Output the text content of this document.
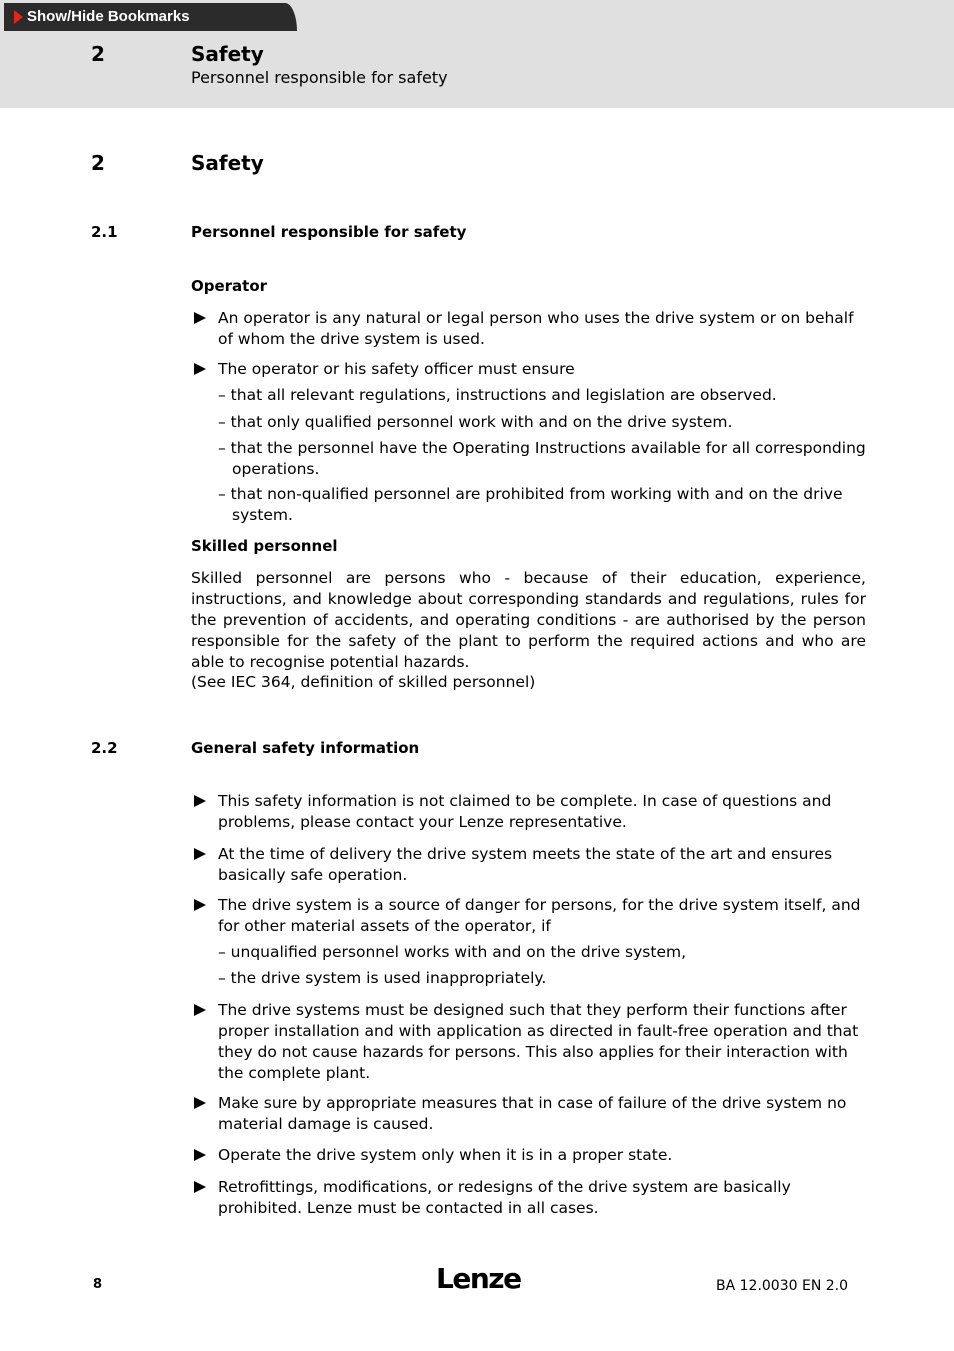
Show/Hide Bookmarks
2	Safety
Personnel responsible for safety
2	Safety
2.1	Personnel responsible for safety
Operator
An operator is any natural or legal person who uses the drive system or on behalf of whom the drive system is used.
The operator or his safety officer must ensure
– that all relevant regulations, instructions and legislation are observed.
– that only qualified personnel work with and on the drive system.
– that the personnel have the Operating Instructions available for all corresponding operations.
– that non-qualified personnel are prohibited from working with and on the drive system.
Skilled personnel
Skilled personnel are persons who - because of their education, experience, instructions, and knowledge about corresponding standards and regulations, rules for the prevention of accidents, and operating conditions - are authorised by the person responsible for the safety of the plant to perform the required actions and who are able to recognise potential hazards.
(See IEC 364, definition of skilled personnel)
2.2	General safety information
This safety information is not claimed to be complete. In case of questions and problems, please contact your Lenze representative.
At the time of delivery the drive system meets the state of the art and ensures basically safe operation.
The drive system is a source of danger for persons, for the drive system itself, and for other material assets of the operator, if
– unqualified personnel works with and on the drive system,
– the drive system is used inappropriately.
The drive systems must be designed such that they perform their functions after proper installation and with application as directed in fault-free operation and that they do not cause hazards for persons. This also applies for their interaction with the complete plant.
Make sure by appropriate measures that in case of failure of the drive system no material damage is caused.
Operate the drive system only when it is in a proper state.
Retrofittings, modifications, or redesigns of the drive system are basically prohibited. Lenze must be contacted in all cases.
8	Lenze	BA 12.0030 EN 2.0
